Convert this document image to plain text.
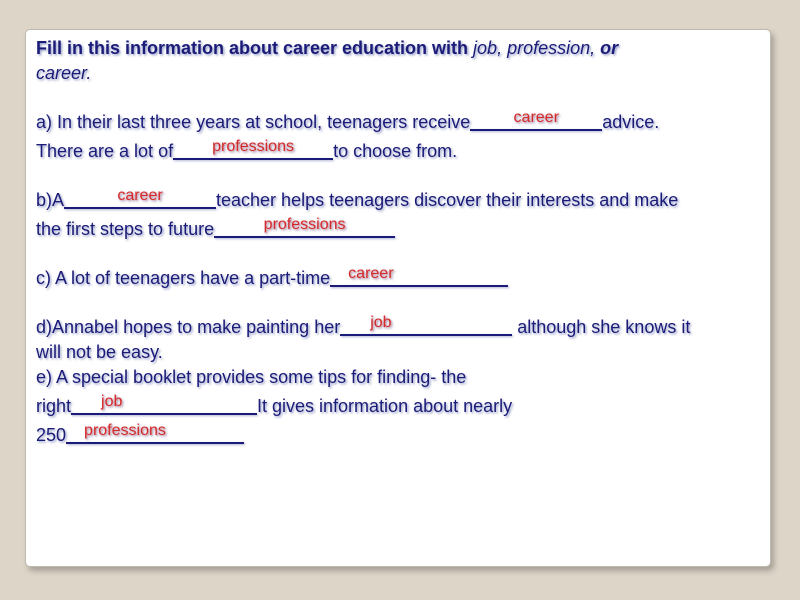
Fill in this information about career education with job, profession, or
career.
a) In their last three years at school, teenagers receive	career	advice.
There are a lot of	professions	to choose from.
b)A	career	teacher helps teenagers discover their interests and make
the first steps to future	professions
c) A lot of teenagers have a part-time	career
d)Annabel hopes to make painting her	job	although she knows it
will not be easy.
e) A special booklet provides some tips for finding- the
right	job	It gives information about nearly
250	professions
